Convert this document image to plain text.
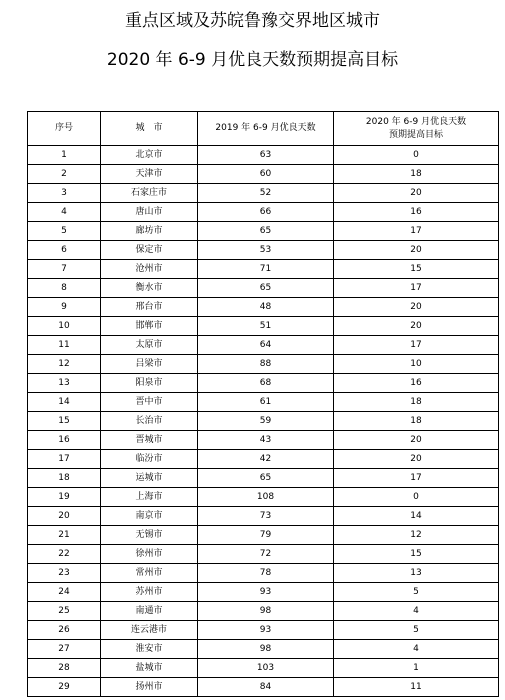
重点区域及苏皖鲁豫交界地区城市
2020 年 6-9 月优良天数预期提高目标
序号	城　市	2019 年 6-9 月优良天数	2020 年 6-9 月优良天数
预期提高目标

1	北京市	63	0
2	天津市	60	18
3	石家庄市	52	20
4	唐山市	66	16
5	廊坊市	65	17
6	保定市	53	20
7	沧州市	71	15
8	衡水市	65	17
9	邢台市	48	20
10	邯郸市	51	20
11	太原市	64	17
12	吕梁市	88	10
13	阳泉市	68	16
14	晋中市	61	18
15	长治市	59	18
16	晋城市	43	20
17	临汾市	42	20
18	运城市	65	17
19	上海市	108	0
20	南京市	73	14
21	无锡市	79	12
22	徐州市	72	15
23	常州市	78	13
24	苏州市	93	5
25	南通市	98	4
26	连云港市	93	5
27	淮安市	98	4
28	盐城市	103	1
29	扬州市	84	11
